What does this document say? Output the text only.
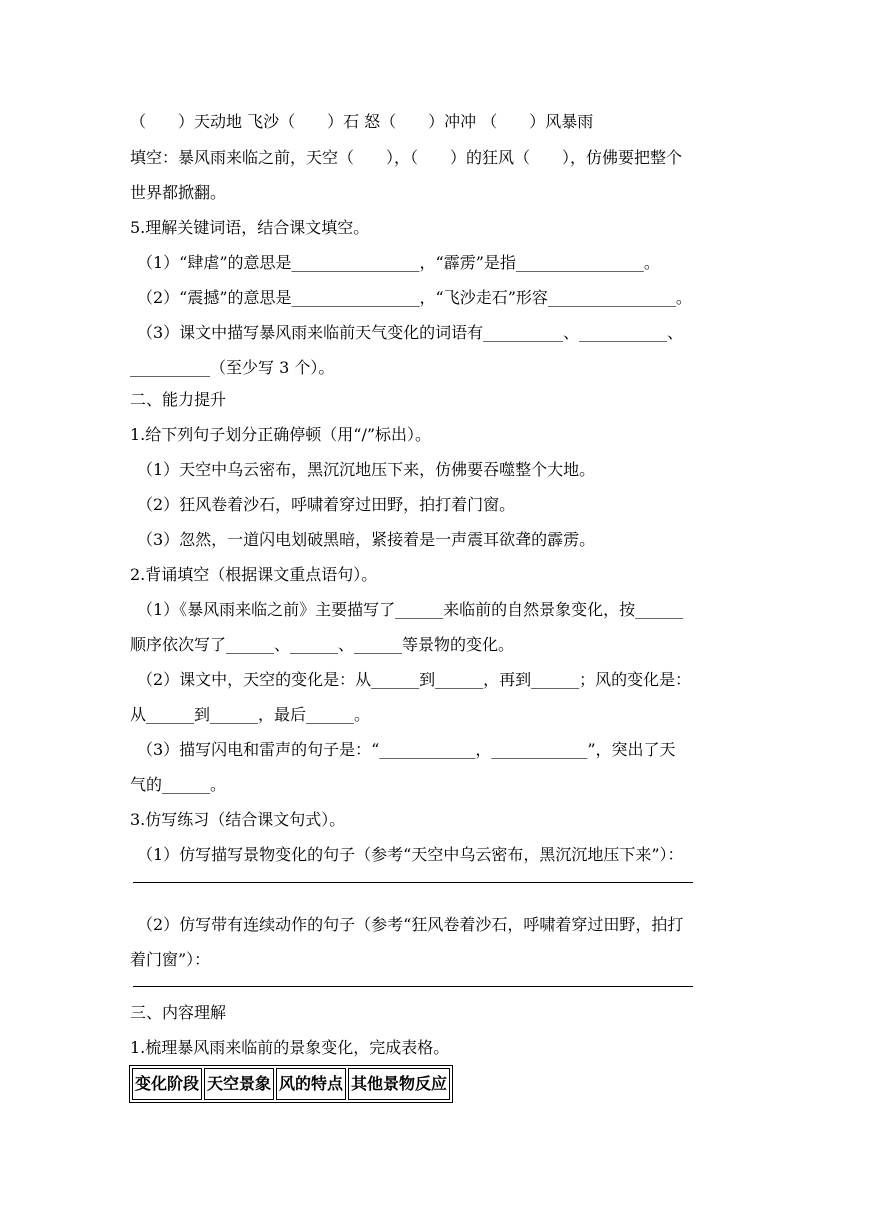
（　　）天动地 飞沙（　　）石 怒（　　）冲冲 （　　）风暴雨
填空：暴风雨来临之前，天空（　　），（　　）的狂风（　　），仿佛要把整个
世界都掀翻。
5.理解关键词语，结合课文填空。
（1）“肆虐”的意思是________________，“霹雳”是指________________。
（2）“震撼”的意思是________________，“飞沙走石”形容________________。
（3）课文中描写暴风雨来临前天气变化的词语有__________、___________、
__________（至少写 3 个）。
二、能力提升
1.给下列句子划分正确停顿（用“/”标出）。
（1）天空中乌云密布，黑沉沉地压下来，仿佛要吞噬整个大地。
（2）狂风卷着沙石，呼啸着穿过田野，拍打着门窗。
（3）忽然，一道闪电划破黑暗，紧接着是一声震耳欲聋的霹雳。
2.背诵填空（根据课文重点语句）。
（1）《暴风雨来临之前》主要描写了______来临前的自然景象变化，按______
顺序依次写了______、______、______等景物的变化。
（2）课文中，天空的变化是：从______到______，再到______；风的变化是：
从______到______，最后______。
（3）描写闪电和雷声的句子是：“____________，____________”，突出了天
气的______。
3.仿写练习（结合课文句式）。
（1）仿写描写景物变化的句子（参考“天空中乌云密布，黑沉沉地压下来”）：
（2）仿写带有连续动作的句子（参考“狂风卷着沙石，呼啸着穿过田野，拍打
着门窗”）：
三、内容理解
1.梳理暴风雨来临前的景象变化，完成表格。
变化阶段	天空景象	风的特点	其他景物反应
